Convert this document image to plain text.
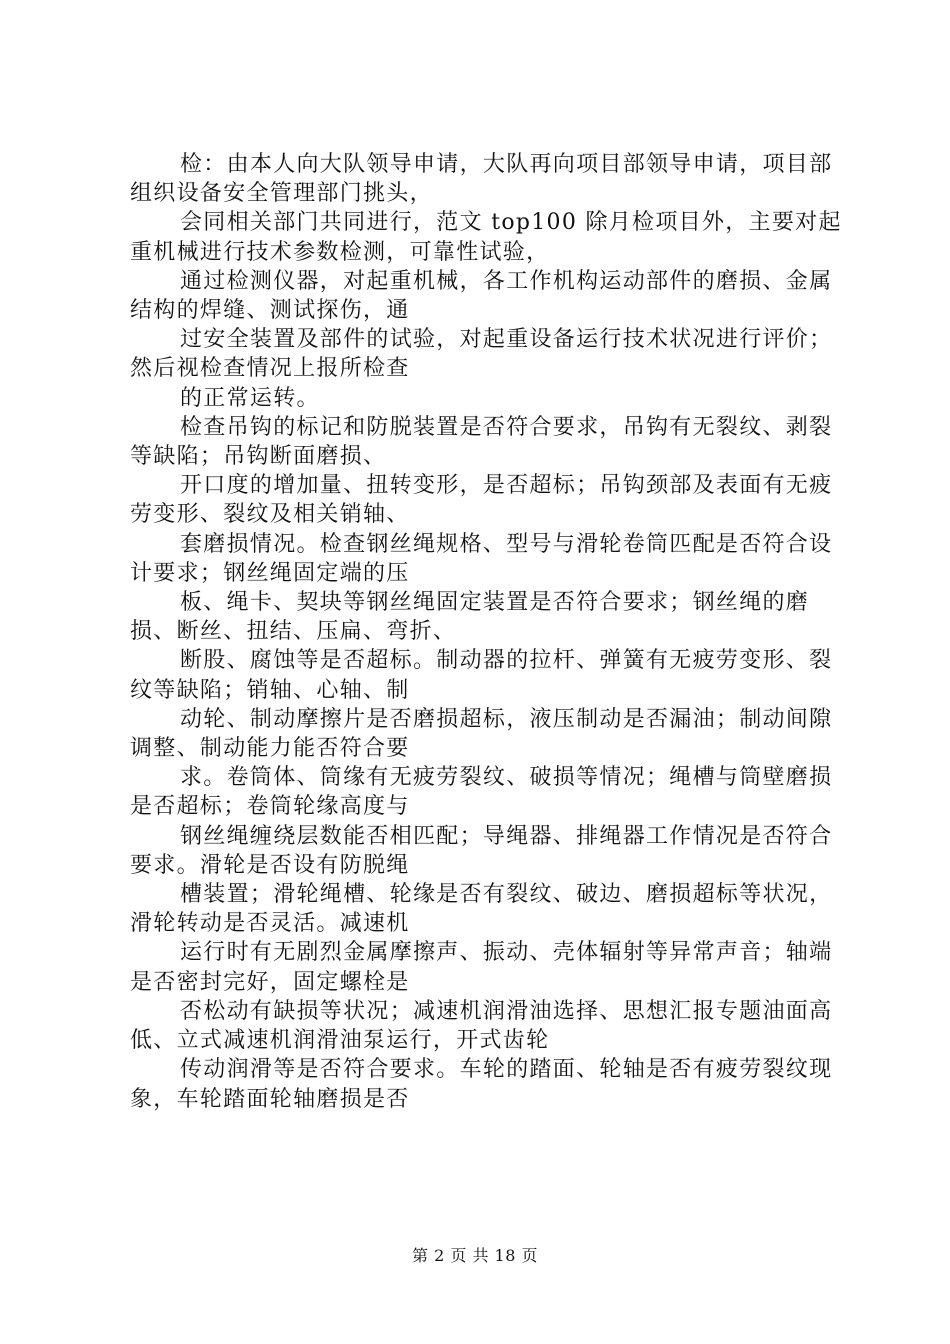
检：由本人向大队领导申请，大队再向项目部领导申请，项目部组织设备安全管理部门挑头，

会同相关部门共同进行，范文 top100 除月检项目外，主要对起重机械进行技术参数检测，可靠性试验，

通过检测仪器，对起重机械，各工作机构运动部件的磨损、金属结构的焊缝、测试探伤，通

过安全装置及部件的试验，对起重设备运行技术状况进行评价；然后视检查情况上报所检查

的正常运转。

检查吊钩的标记和防脱装置是否符合要求，吊钩有无裂纹、剥裂等缺陷；吊钩断面磨损、

开口度的增加量、扭转变形，是否超标；吊钩颈部及表面有无疲劳变形、裂纹及相关销轴、

套磨损情况。检查钢丝绳规格、型号与滑轮卷筒匹配是否符合设计要求；钢丝绳固定端的压

板、绳卡、契块等钢丝绳固定装置是否符合要求；钢丝绳的磨损、断丝、扭结、压扁、弯折、

断股、腐蚀等是否超标。制动器的拉杆、弹簧有无疲劳变形、裂纹等缺陷；销轴、心轴、制

动轮、制动摩擦片是否磨损超标，液压制动是否漏油；制动间隙调整、制动能力能否符合要

求。卷筒体、筒缘有无疲劳裂纹、破损等情况；绳槽与筒壁磨损是否超标；卷筒轮缘高度与

钢丝绳缠绕层数能否相匹配；导绳器、排绳器工作情况是否符合要求。滑轮是否设有防脱绳

槽装置；滑轮绳槽、轮缘是否有裂纹、破边、磨损超标等状况，滑轮转动是否灵活。减速机

运行时有无剧烈金属摩擦声、振动、壳体辐射等异常声音；轴端是否密封完好，固定螺栓是

否松动有缺损等状况；减速机润滑油选择、思想汇报专题油面高低、立式减速机润滑油泵运行，开式齿轮

传动润滑等是否符合要求。车轮的踏面、轮轴是否有疲劳裂纹现象，车轮踏面轮轴磨损是否

第 2 页 共 18 页
